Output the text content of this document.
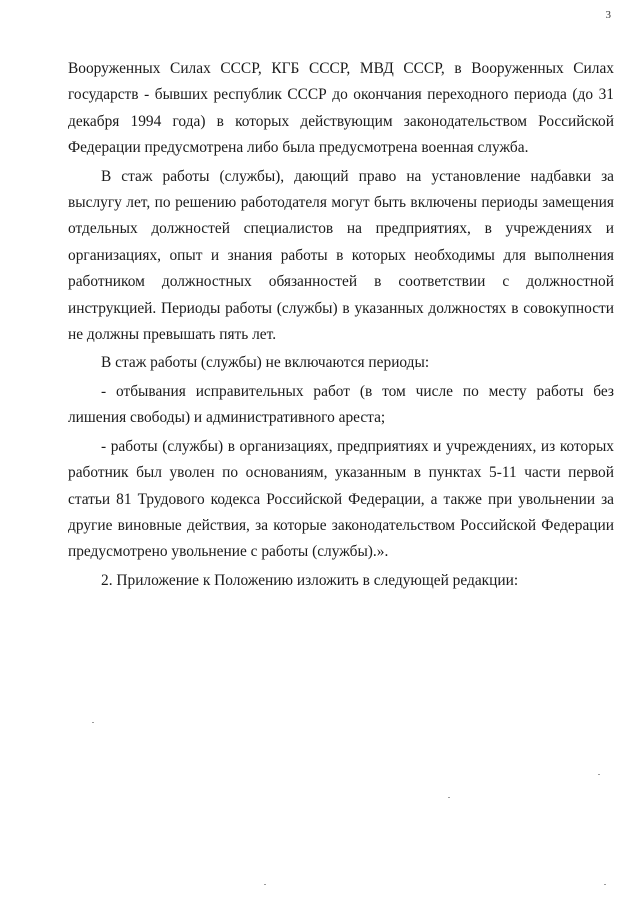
3

Вооруженных Силах СССР, КГБ СССР, МВД СССР, в Вооруженных Силах государств - бывших республик СССР до окончания переходного периода (до 31 декабря 1994 года) в которых действующим законодательством Российской Федерации предусмотрена либо была предусмотрена военная служба.

В стаж работы (службы), дающий право на установление надбавки за выслугу лет, по решению работодателя могут быть включены периоды замещения отдельных должностей специалистов на предприятиях, в учреждениях и организациях, опыт и знания работы в которых необходимы для выполнения работником должностных обязанностей в соответствии с должностной инструкцией. Периоды работы (службы) в указанных должностях в совокупности не должны превышать пять лет.

В стаж работы (службы) не включаются периоды:

- отбывания исправительных работ (в том числе по месту работы без лишения свободы) и административного ареста;

- работы (службы) в организациях, предприятиях и учреждениях, из которых работник был уволен по основаниям, указанным в пунктах 5-11 части первой статьи 81 Трудового кодекса Российской Федерации, а также при увольнении за другие виновные действия, за которые законодательством Российской Федерации предусмотрено увольнение с работы (службы).».

2. Приложение к Положению изложить в следующей редакции:
